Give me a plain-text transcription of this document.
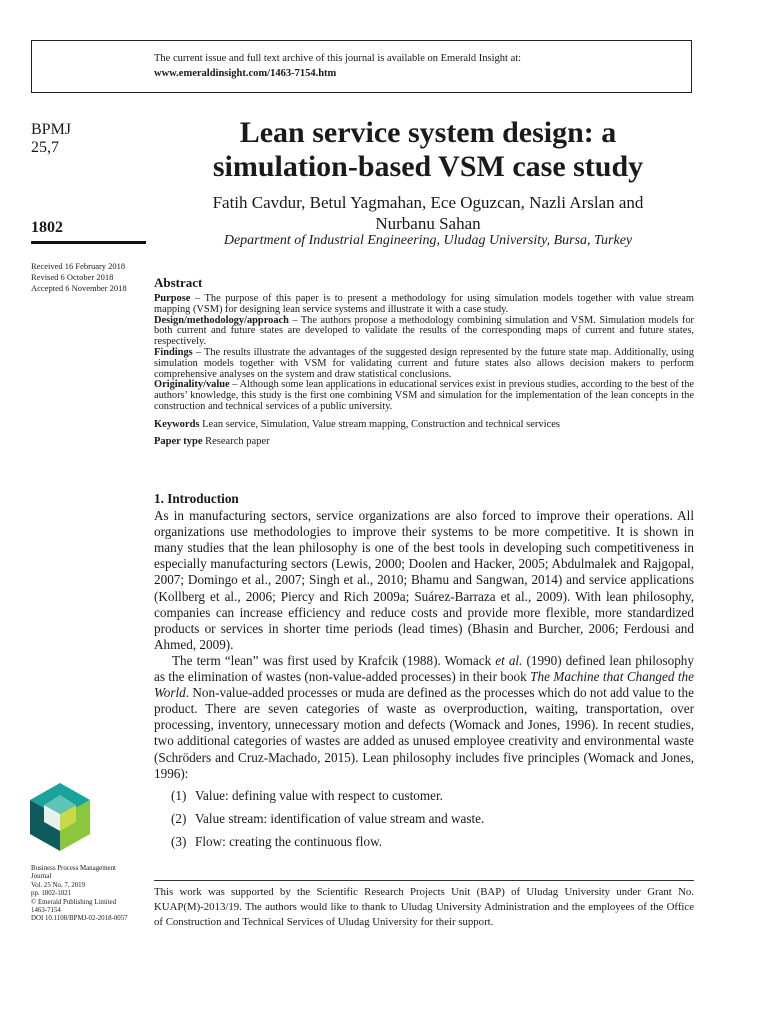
The current issue and full text archive of this journal is available on Emerald Insight at:
www.emeraldinsight.com/1463-7154.htm
BPMJ
25,7
1802
Received 16 February 2018
Revised 6 October 2018
Accepted 6 November 2018
Lean service system design: a
simulation-based VSM case study
Fatih Cavdur, Betul Yagmahan, Ece Oguzcan, Nazli Arslan and
Nurbanu Sahan
Department of Industrial Engineering, Uludag University, Bursa, Turkey
Abstract
Purpose – The purpose of this paper is to present a methodology for using simulation models together with value stream mapping (VSM) for designing lean service systems and illustrate it with a case study.
Design/methodology/approach – The authors propose a methodology combining simulation and VSM. Simulation models for both current and future states are developed to validate the results of the corresponding maps of current and future states, respectively.
Findings – The results illustrate the advantages of the suggested design represented by the future state map. Additionally, using simulation models together with VSM for validating current and future states also allows decision makers to perform comprehensive analyses on the system and draw statistical conclusions.
Originality/value – Although some lean applications in educational services exist in previous studies, according to the best of the authors’ knowledge, this study is the first one combining VSM and simulation for the implementation of the lean concepts in the construction and technical services of a public university.
Keywords Lean service, Simulation, Value stream mapping, Construction and technical services
Paper type Research paper
1. Introduction

As in manufacturing sectors, service organizations are also forced to improve their operations. All organizations use methodologies to improve their systems to be more competitive. It is shown in many studies that the lean philosophy is one of the best tools in developing such competitiveness in especially manufacturing sectors (Lewis, 2000; Doolen and Hacker, 2005; Abdulmalek and Rajgopal, 2007; Domingo et al., 2007; Singh et al., 2010; Bhamu and Sangwan, 2014) and service applications (Kollberg et al., 2006; Piercy and Rich 2009a; Suárez-Barraza et al., 2009). With lean philosophy, companies can increase efficiency and reduce costs and provide more flexible, more standardized products or services in shorter time periods (lead times) (Bhasin and Burcher, 2006; Ferdousi and Ahmed, 2009).

The term “lean” was first used by Krafcik (1988). Womack et al. (1990) defined lean philosophy as the elimination of wastes (non-value-added processes) in their book The Machine that Changed the World. Non-value-added processes or muda are defined as the processes which do not add value to the product. There are seven categories of waste as overproduction, waiting, transportation, over processing, inventory, unnecessary motion and defects (Womack and Jones, 1996). In recent studies, two additional categories of wastes are added as unused employee creativity and environmental waste (Schröders and Cruz-Machado, 2015). Lean philosophy includes five principles (Womack and Jones, 1996):

(1) Value: defining value with respect to customer.
(2) Value stream: identification of value stream and waste.
(3) Flow: creating the continuous flow.
This work was supported by the Scientific Research Projects Unit (BAP) of Uludag University under Grant No. KUAP(M)-2013/19. The authors would like to thank to Uludag University Administration and the employees of the Office of Construction and Technical Services of Uludag University for their support.
Business Process Management
Journal
Vol. 25 No. 7, 2019
pp. 1802-1821
© Emerald Publishing Limited
1463-7154
DOI 10.1108/BPMJ-02-2018-0057
